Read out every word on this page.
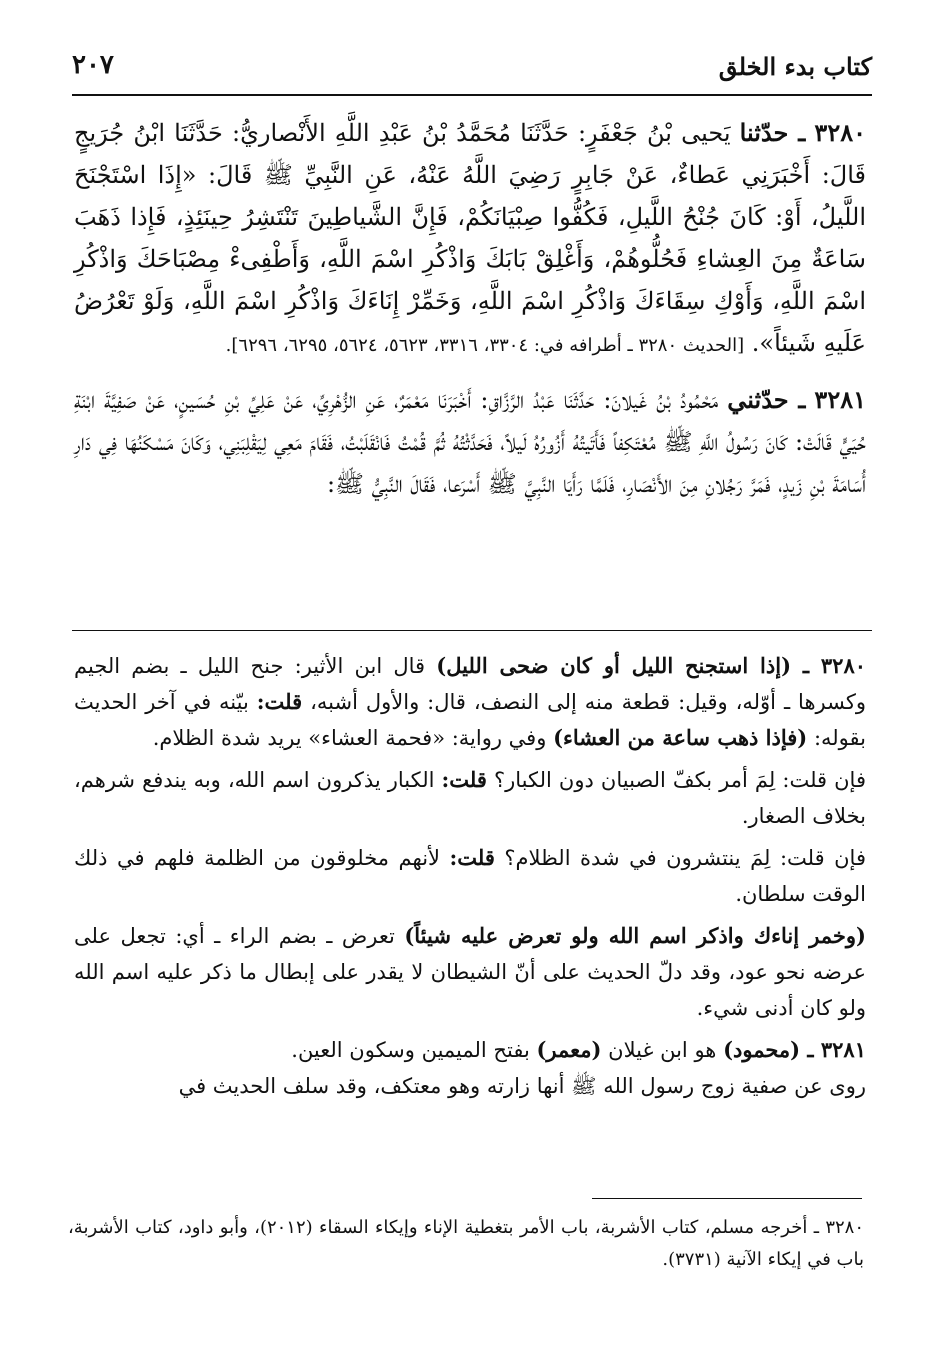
كتاب بدء الخلق
٢٠٧

٣٢٨٠ ـ حدّثنا يَحيى بْنُ جَعْفَرٍ: حَدَّثَنَا مُحَمَّدُ بْنُ عَبْدِ اللَّهِ الأَنْصاريُّ: حَدَّثَنَا ابْنُ جُرَيجٍ قَالَ: أَخْبَرَنِي عَطاءٌ، عَنْ جَابِرٍ رَضِيَ اللَّهُ عَنْهُ، عَنِ النَّبِيِّ ﷺ قَالَ: «إِذَا اسْتَجْنَحَ اللَّيلُ، أَوْ: كَانَ جُنْحُ اللَّيلِ، فَكُفُّوا صِبْيَانَكُمْ، فَإِنَّ الشَّياطِينَ تَنْتَشِرُ حِينَئِذٍ، فَإِذا ذَهَبَ سَاعَةٌ مِنَ العِشاءِ فَحُلُّوهُمْ، وَأَغْلِقْ بَابَكَ وَاذْكُرِ اسْمَ اللَّهِ، وَأَطْفِىءْ مِصْبَاحَكَ وَاذْكُرِ اسْمَ اللَّهِ، وَأَوْكِ سِقَاءَكَ وَاذْكُرِ اسْمَ اللَّهِ، وَخَمِّرْ إِنَاءَكَ وَاذْكُرِ اسْمَ اللَّهِ، وَلَوْ تَعْرُضُ عَلَيهِ شَيئاً». [الحديث ٣٢٨٠ ـ أطرافه في: ٣٣٠٤، ٣٣١٦، ٥٦٢٣، ٥٦٢٤، ٦٢٩٥، ٦٢٩٦].

٣٢٨١ ـ حدّثني مَحْمُودُ بْنُ غَيلانَ: حَدَّثَنَا عَبْدُ الرَّزَّاقِ: أَخْبَرَنَا مَعْمَرٌ، عَنِ الزُّهْرِيِّ، عَنْ عَلِيِّ بْنِ حُسَينٍ، عَنْ صَفِيَّةَ ابْنَةِ حُيَيٍّ قَالَتْ: كَانَ رَسُولُ اللَّهِ ﷺ مُعْتَكِفاً فَأَتَيتُهُ أَزُورُهُ لَيلاً، فَحَدَّثْتُهُ ثُمَّ قُمْتُ فَانْقَلَبْتُ، فَقَامَ مَعِي لِيَقْلِبَنِي، وَكَانَ مَسْكَنُهَا فِي دَارِ أُسَامَةَ بْنِ زَيدٍ، فَمَرَّ رَجُلانِ مِنَ الأَنْصَارِ، فَلَمَّا رَأَيَا النَّبِيَّ ﷺ أَسْرَعا، فَقَالَ النَّبِيُّ ﷺ:

٣٢٨٠ ـ (إذا استجنح الليل أو كان ضحى الليل) قال ابن الأثير: جنح الليل ـ بضم الجيم وكسرها ـ أوّله، وقيل: قطعة منه إلى النصف، قال: والأول أشبه، قلت: بيّنه في آخر الحديث بقوله: (فإذا ذهب ساعة من العشاء) وفي رواية: «فحمة العشاء» يريد شدة الظلام.

فإن قلت: لِمَ أمر بكفّ الصبيان دون الكبار؟ قلت: الكبار يذكرون اسم الله، وبه يندفع شرهم، بخلاف الصغار.

فإن قلت: لِمَ ينتشرون في شدة الظلام؟ قلت: لأنهم مخلوقون من الظلمة فلهم في ذلك الوقت سلطان.

(وخمر إناءك واذكر اسم الله ولو تعرض عليه شيئاً) تعرض ـ بضم الراء ـ أي: تجعل على عرضه نحو عود، وقد دلّ الحديث على أنّ الشيطان لا يقدر على إبطال ما ذكر عليه اسم الله ولو كان أدنى شيء.

٣٢٨١ ـ (محمود) هو ابن غيلان (معمر) بفتح الميمين وسكون العين.

روى عن صفية زوج رسول الله ﷺ أنها زارته وهو معتكف، وقد سلف الحديث في

٣٢٨٠ ـ أخرجه مسلم، كتاب الأشربة، باب الأمر بتغطية الإناء وإيكاء السقاء (٢٠١٢)، وأبو داود، كتاب الأشربة، باب في إيكاء الآنية (٣٧٣١).
